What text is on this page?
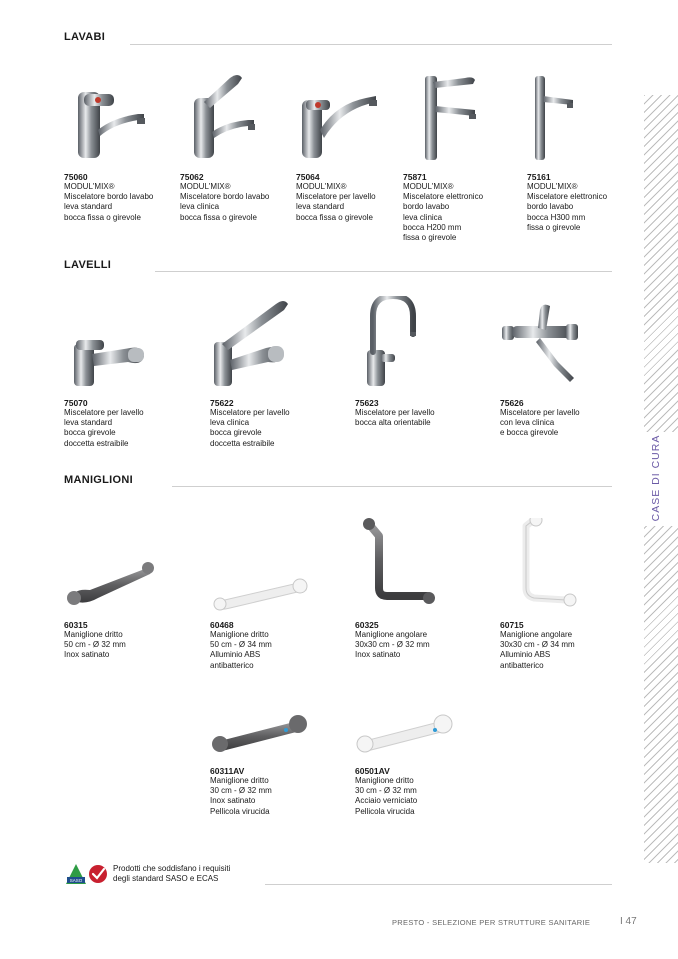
LAVABI
LAVELLI
MANIGLIONI
75060
MODUL'MIX®
Miscelatore bordo lavabo
leva standard
bocca fissa o girevole
75062
MODUL'MIX®
Miscelatore bordo lavabo
leva clinica
bocca fissa o girevole
75064
MODUL'MIX®
Miscelatore per lavello
leva standard
bocca fissa o girevole
75871
MODUL'MIX®
Miscelatore elettronico
bordo lavabo
leva clinica
bocca H200 mm
fissa o girevole
75161
MODUL'MIX®
Miscelatore elettronico
bordo lavabo
bocca H300 mm
fissa o girevole
75070
Miscelatore per lavello
leva standard
bocca girevole
doccetta estraibile
75622
Miscelatore per lavello
leva clinica
bocca girevole
doccetta estraibile
75623
Miscelatore per lavello
bocca alta orientabile
75626
Miscelatore per lavello
con leva clinica
e bocca girevole
60315
Maniglione dritto
50 cm - Ø 32 mm
Inox satinato
60468
Maniglione dritto
50 cm - Ø 34 mm
Alluminio ABS
antibatterico
60325
Maniglione angolare
30x30 cm - Ø 32 mm
Inox satinato
60715
Maniglione angolare
30x30 cm - Ø 34 mm
Alluminio ABS
antibatterico
60311AV
Maniglione dritto
30 cm - Ø 32 mm
Inox satinato
Pellicola virucida
60501AV
Maniglione dritto
30 cm - Ø 32 mm
Acciaio verniciato
Pellicola virucida
CASE DI CURA
SASO
Prodotti che soddisfano i requisiti
degli standard SASO e ECAS
PRESTO - SELEZIONE PER STRUTTURE SANITARIE	I 47
